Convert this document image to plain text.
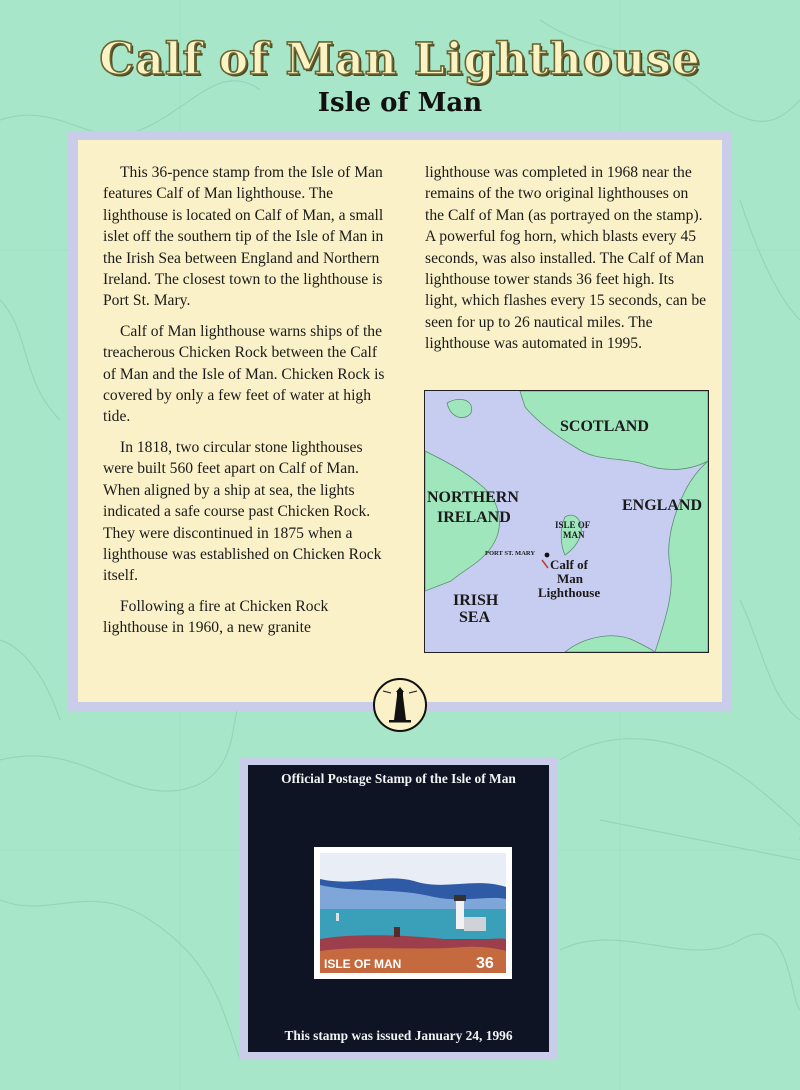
Calf of Man Lighthouse
Isle of Man

This 36-pence stamp from the Isle of Man features Calf of Man lighthouse. The lighthouse is located on Calf of Man, a small islet off the southern tip of the Isle of Man in the Irish Sea between England and Northern Ireland. The closest town to the lighthouse is Port St. Mary.

Calf of Man lighthouse warns ships of the treacherous Chicken Rock between the Calf of Man and the Isle of Man. Chicken Rock is covered by only a few feet of water at high tide.

In 1818, two circular stone lighthouses were built 560 feet apart on Calf of Man. When aligned by a ship at sea, the lights indicated a safe course past Chicken Rock. They were discontinued in 1875 when a lighthouse was established on Chicken Rock itself.

Following a fire at Chicken Rock lighthouse in 1960, a new granite

lighthouse was completed in 1968 near the remains of the two original lighthouses on the Calf of Man (as portrayed on the stamp). A powerful fog horn, which blasts every 45 seconds, was also installed. The Calf of Man lighthouse tower stands 36 feet high. Its light, which flashes every 15 seconds, can be seen for up to 26 nautical miles. The lighthouse was automated in 1995.

SCOTLAND
NORTHERN
IRELAND
ENGLAND
ISLE OF
MAN
PORT ST. MARY
Calf of
Man
Lighthouse
IRISH
SEA
Official Postage Stamp of the Isle of Man
ISLE OF MAN	36
This stamp was issued January 24, 1996
